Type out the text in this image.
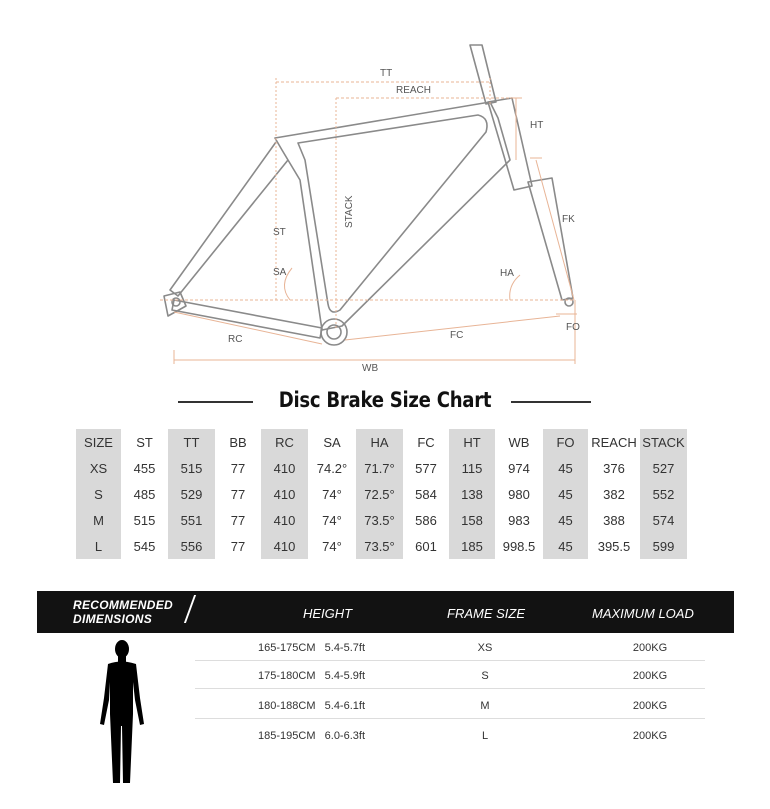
TT
REACH
HT
STACK
ST
FK
SA	HA
RC	FC
FO
WB
Disc Brake Size Chart
SIZE	ST	TT	BB	RC	SA	HA	FC	HT	WB	FO	REACH	STACK
XS	455	515	77	410	74.2°	71.7°	577	115	974	45	376	527
S	485	529	77	410	74°	72.5°	584	138	980	45	382	552
M	515	551	77	410	74°	73.5°	586	158	983	45	388	574
L	545	556	77	410	74°	73.5°	601	185	998.5	45	395.5	599
RECOMMENDED
DIMENSIONS	HEIGHT	FRAME SIZE	MAXIMUM LOAD
165-175CM   5.4-5.7ft	XS	200KG
175-180CM   5.4-5.9ft	S	200KG
180-188CM   5.4-6.1ft	M	200KG
185-195CM   6.0-6.3ft	L	200KG
